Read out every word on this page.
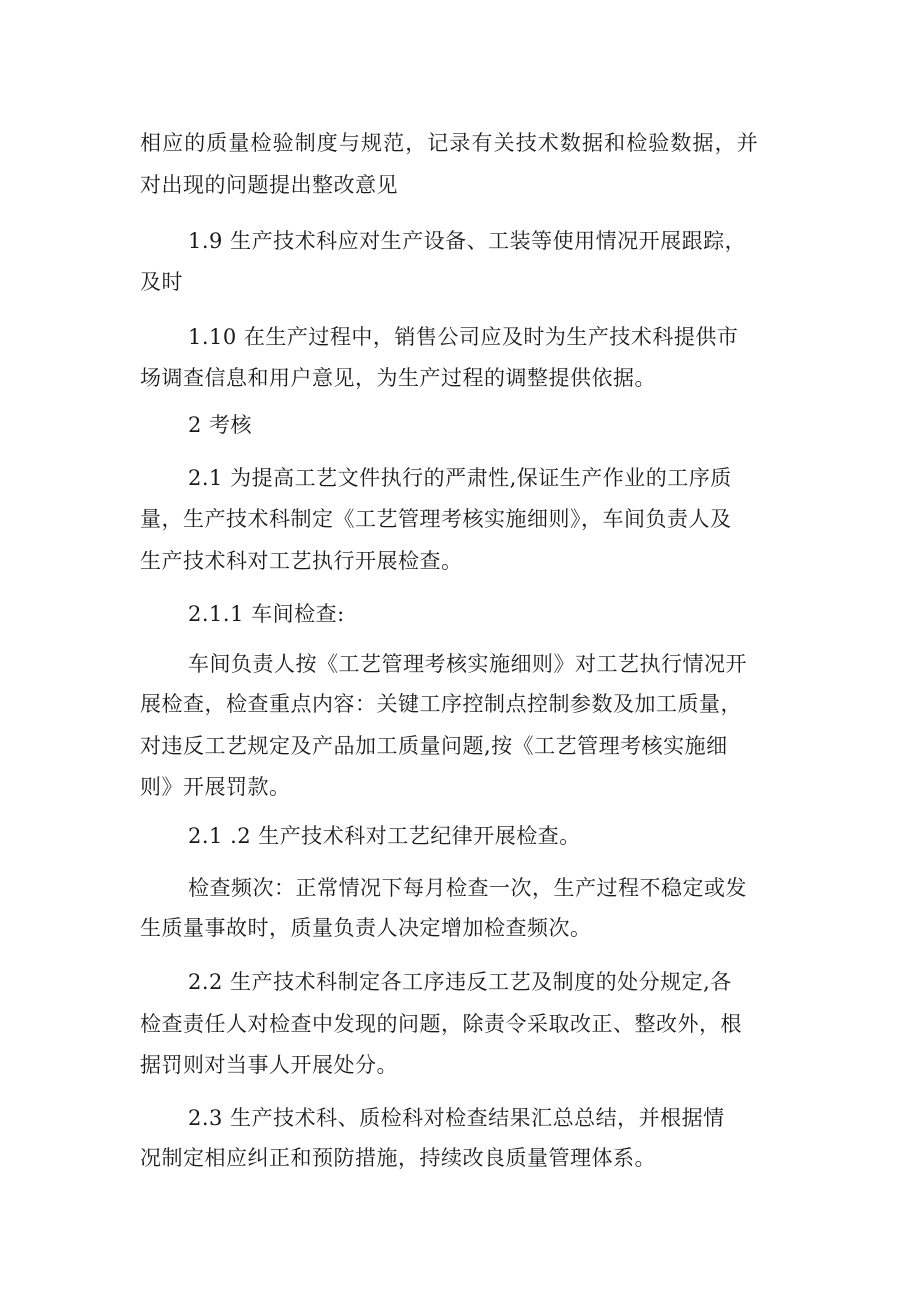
相应的质量检验制度与规范，记录有关技术数据和检验数据，并
对出现的问题提出整改意见
1.9 生产技术科应对生产设备、工装等使用情况开展跟踪，
及时
1.10 在生产过程中，销售公司应及时为生产技术科提供市
场调查信息和用户意见，为生产过程的调整提供依据。
2 考核
2.1 为提高工艺文件执行的严肃性,保证生产作业的工序质
量，生产技术科制定《工艺管理考核实施细则》，车间负责人及
生产技术科对工艺执行开展检查。
2.1.1 车间检查:
车间负责人按《工艺管理考核实施细则》对工艺执行情况开
展检查，检查重点内容：关键工序控制点控制参数及加工质量，
对违反工艺规定及产品加工质量问题,按《工艺管理考核实施细
则》开展罚款。
2.1 .2 生产技术科对工艺纪律开展检查。
检查频次：正常情况下每月检查一次，生产过程不稳定或发
生质量事故时，质量负责人决定增加检查频次。
2.2 生产技术科制定各工序违反工艺及制度的处分规定,各
检查责任人对检查中发现的问题，除责令采取改正、整改外，根
据罚则对当事人开展处分。
2.3 生产技术科、质检科对检查结果汇总总结，并根据情
况制定相应纠正和预防措施，持续改良质量管理体系。
